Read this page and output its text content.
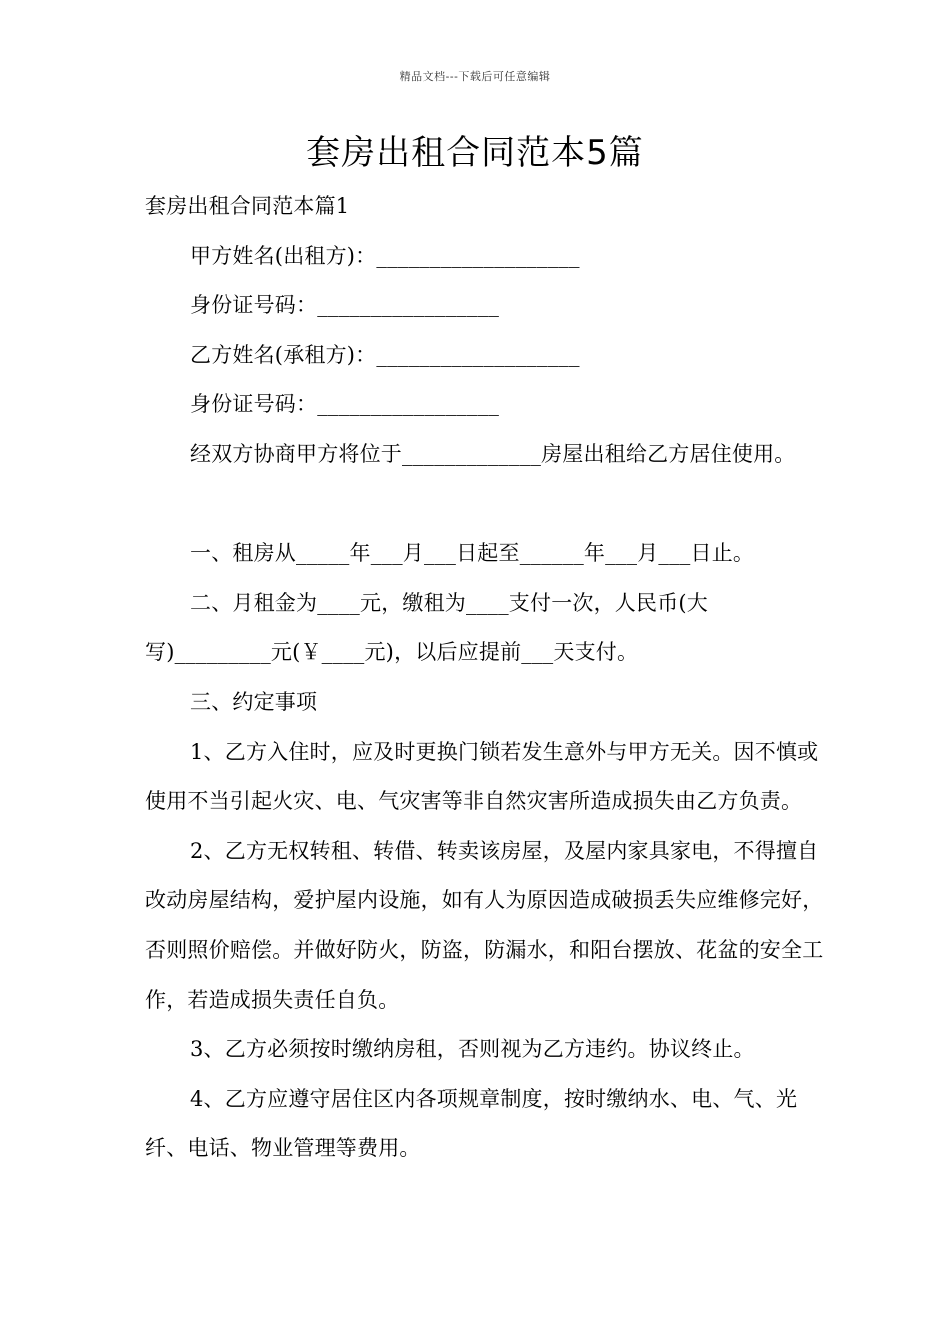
精品文档---下载后可任意编辑
套房出租合同范本5篇

套房出租合同范本篇1

甲方姓名(出租方)：___________________

身份证号码：_________________

乙方姓名(承租方)：___________________

身份证号码：_________________

经双方协商甲方将位于_____________房屋出租给乙方居住使用。

一、租房从_____年___月___日起至______年___月___日止。

二、月租金为____元，缴租为____支付一次，人民币(大写)_________元(￥____元)，以后应提前___天支付。

三、约定事项

1、乙方入住时，应及时更换门锁若发生意外与甲方无关。因不慎或使用不当引起火灾、电、气灾害等非自然灾害所造成损失由乙方负责。

2、乙方无权转租、转借、转卖该房屋，及屋内家具家电，不得擅自改动房屋结构，爱护屋内设施，如有人为原因造成破损丢失应维修完好，否则照价赔偿。并做好防火，防盗，防漏水，和阳台摆放、花盆的安全工作，若造成损失责任自负。

3、乙方必须按时缴纳房租，否则视为乙方违约。协议终止。

4、乙方应遵守居住区内各项规章制度，按时缴纳水、电、气、光纤、电话、物业管理等费用。
